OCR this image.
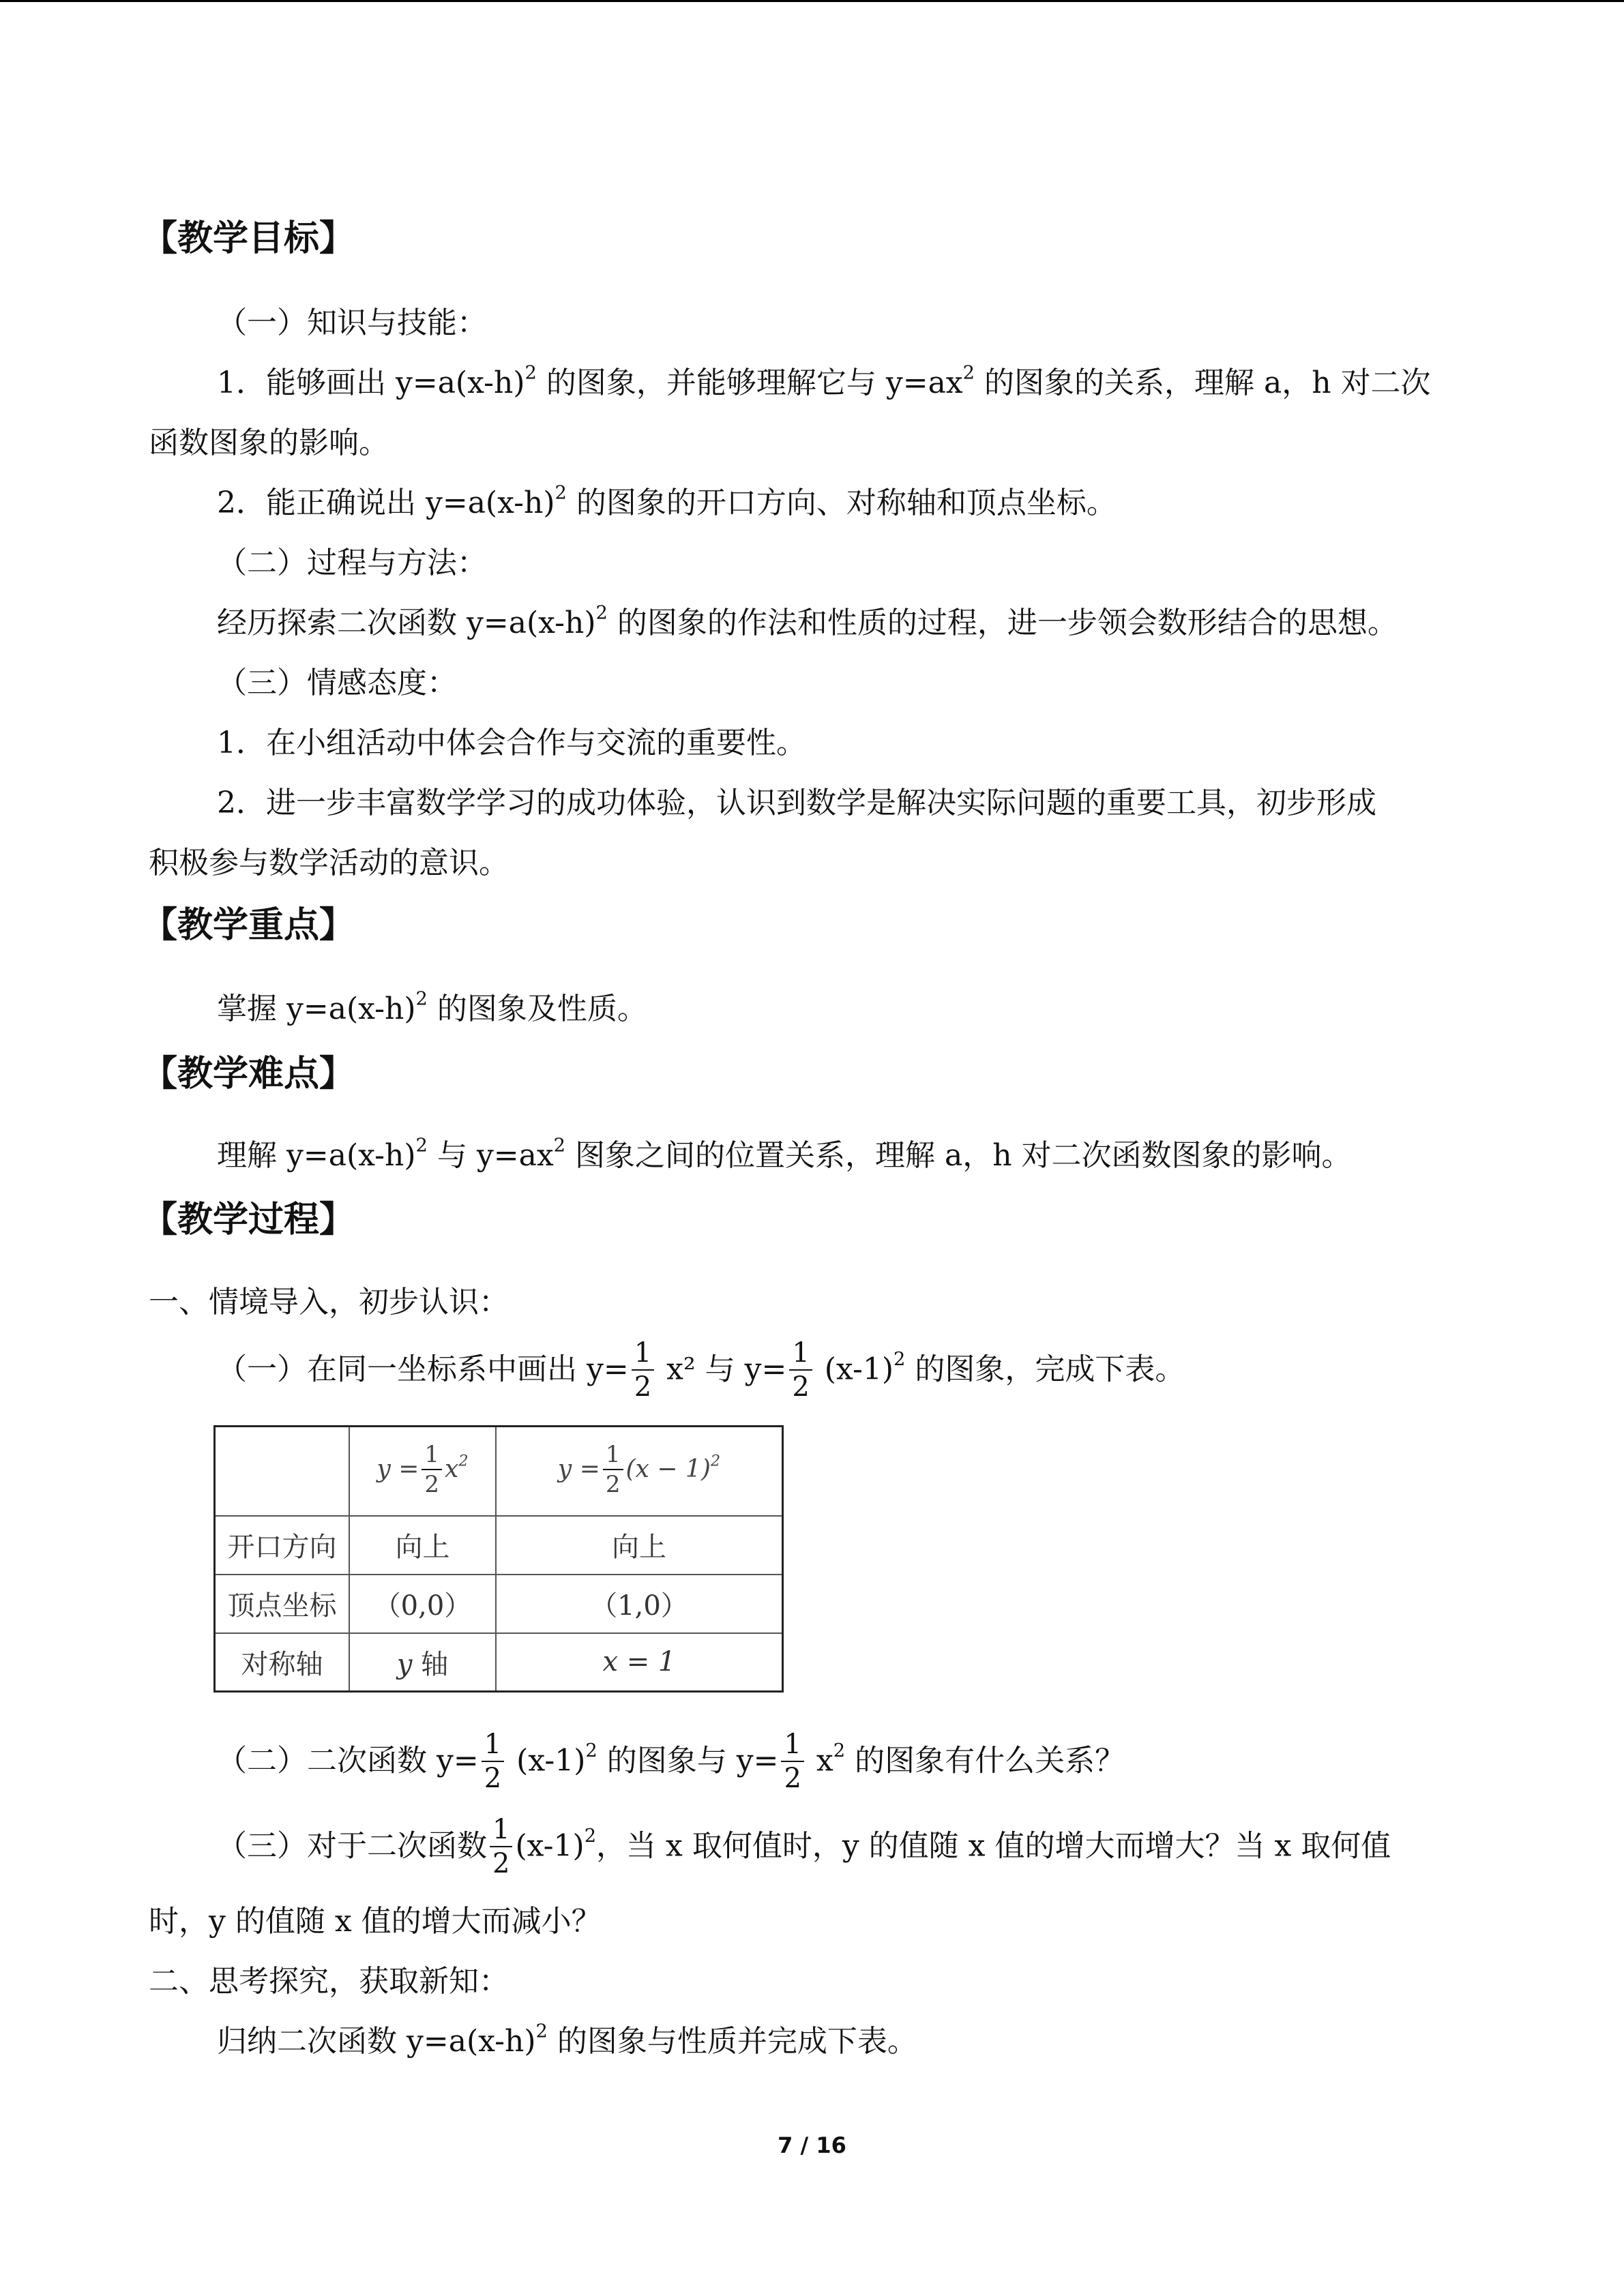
【教学目标】
（一）知识与技能：
1．能够画出 $y=a(x-h)^2$ 的图象，并能够理解它与 $y=ax^2$ 的图象的关系，理解 a，h 对二次
函数图象的影响。
2．能正确说出 $y=a(x-h)^2$ 的图象的开口方向、对称轴和顶点坐标。
（二）过程与方法：
经历探索二次函数 $y=a(x-h)^2$ 的图象的作法和性质的过程，进一步领会数形结合的思想。
（三）情感态度：
1．在小组活动中体会合作与交流的重要性。
2．进一步丰富数学学习的成功体验，认识到数学是解决实际问题的重要工具，初步形成
积极参与数学活动的意识。
【教学重点】
掌握 $y=a(x-h)^2$ 的图象及性质。
【教学难点】
理解 $y=a(x-h)^2$ 与 $y=ax^2$ 图象之间的位置关系，理解 a，h 对二次函数图象的影响。
【教学过程】
一、情境导入，初步认识：
（一）在同一坐标系中画出 $y= \frac{1}{2} x^2$ 与 $y= \frac{1}{2} (x-1)^2$ 的图象，完成下表。
	$y = \frac{1}{2} x^2$	$y = \frac{1}{2} (x - 1)^2$
开口方向	向上	向上
顶点坐标	（0,0）	（1,0）
对称轴	y 轴	x = 1
（二）二次函数 $y= \frac{1}{2} (x-1)^2$ 的图象与 $y= \frac{1}{2} x^2$ 的图象有什么关系？
（三）对于二次函数 $\frac{1}{2} (x-1)^2$，当 x 取何值时，y 的值随 x 值的增大而增大？当 x 取何值
时，y 的值随 x 值的增大而减小？
二、思考探究，获取新知：
归纳二次函数 $y=a(x-h)^2$ 的图象与性质并完成下表。
7 / 16
